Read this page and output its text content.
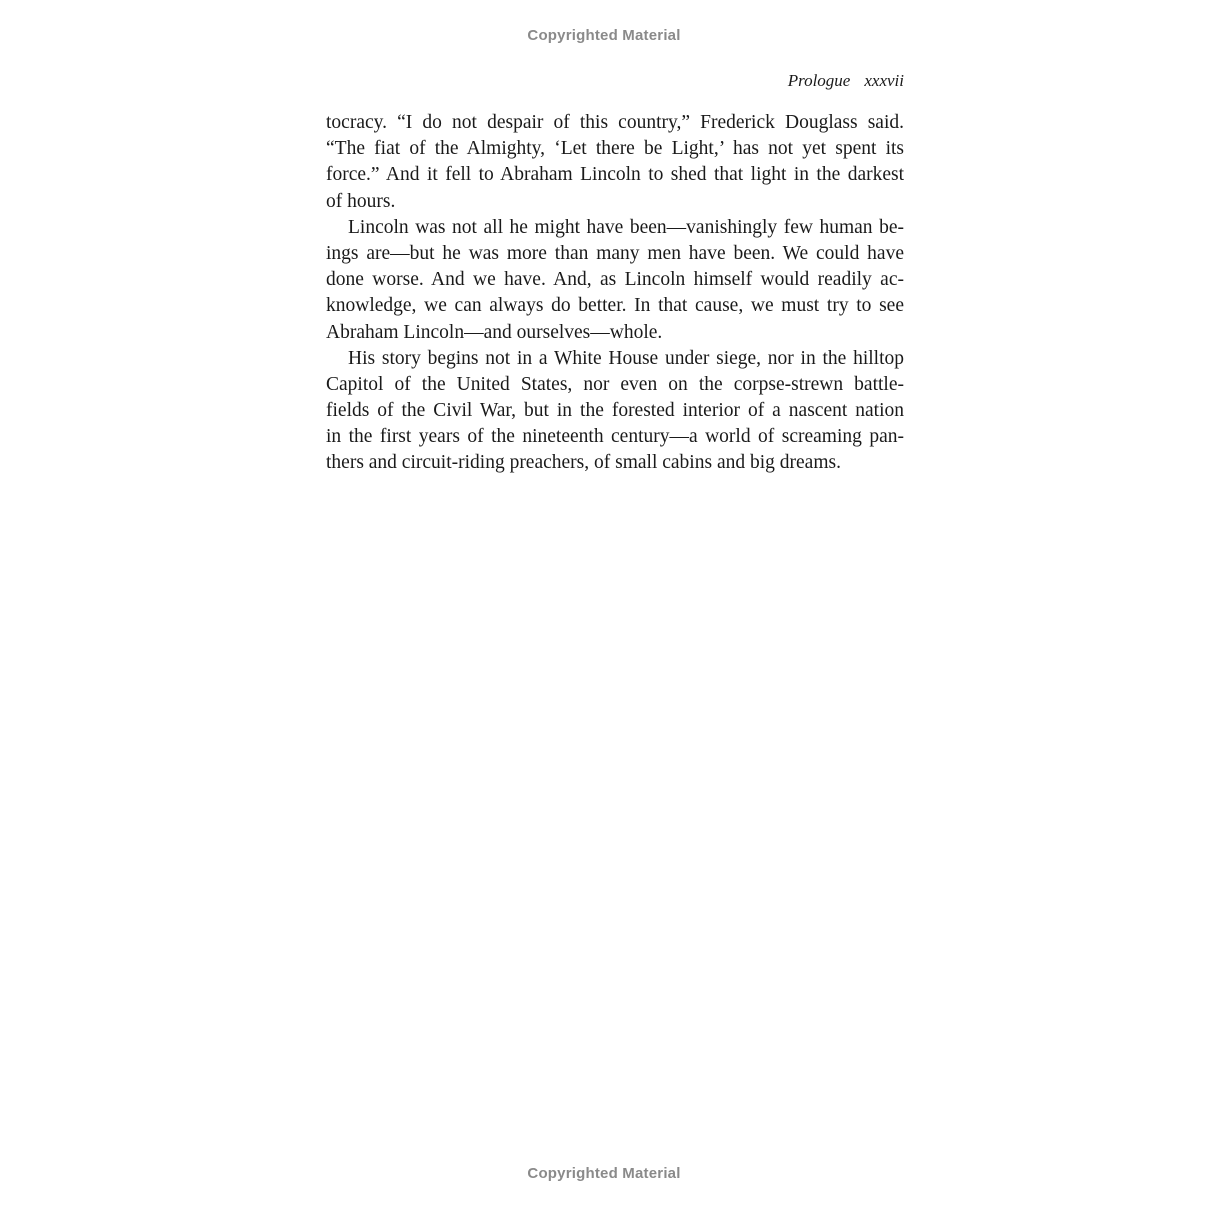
Copyrighted Material
Prologue xxxvii

tocracy. “I do not despair of this country,” Frederick Douglass said.
“The fiat of the Almighty, ‘Let there be Light,’ has not yet spent its
force.” And it fell to Abraham Lincoln to shed that light in the darkest
of hours.

Lincoln was not all he might have been—vanishingly few human be-
ings are—but he was more than many men have been. We could have
done worse. And we have. And, as Lincoln himself would readily ac-
knowledge, we can always do better. In that cause, we must try to see
Abraham Lincoln—and ourselves—whole.

His story begins not in a White House under siege, nor in the hilltop
Capitol of the United States, nor even on the corpse-strewn battle-
fields of the Civil War, but in the forested interior of a nascent nation
in the first years of the nineteenth century—a world of screaming pan-
thers and circuit-riding preachers, of small cabins and big dreams.

Copyrighted Material
